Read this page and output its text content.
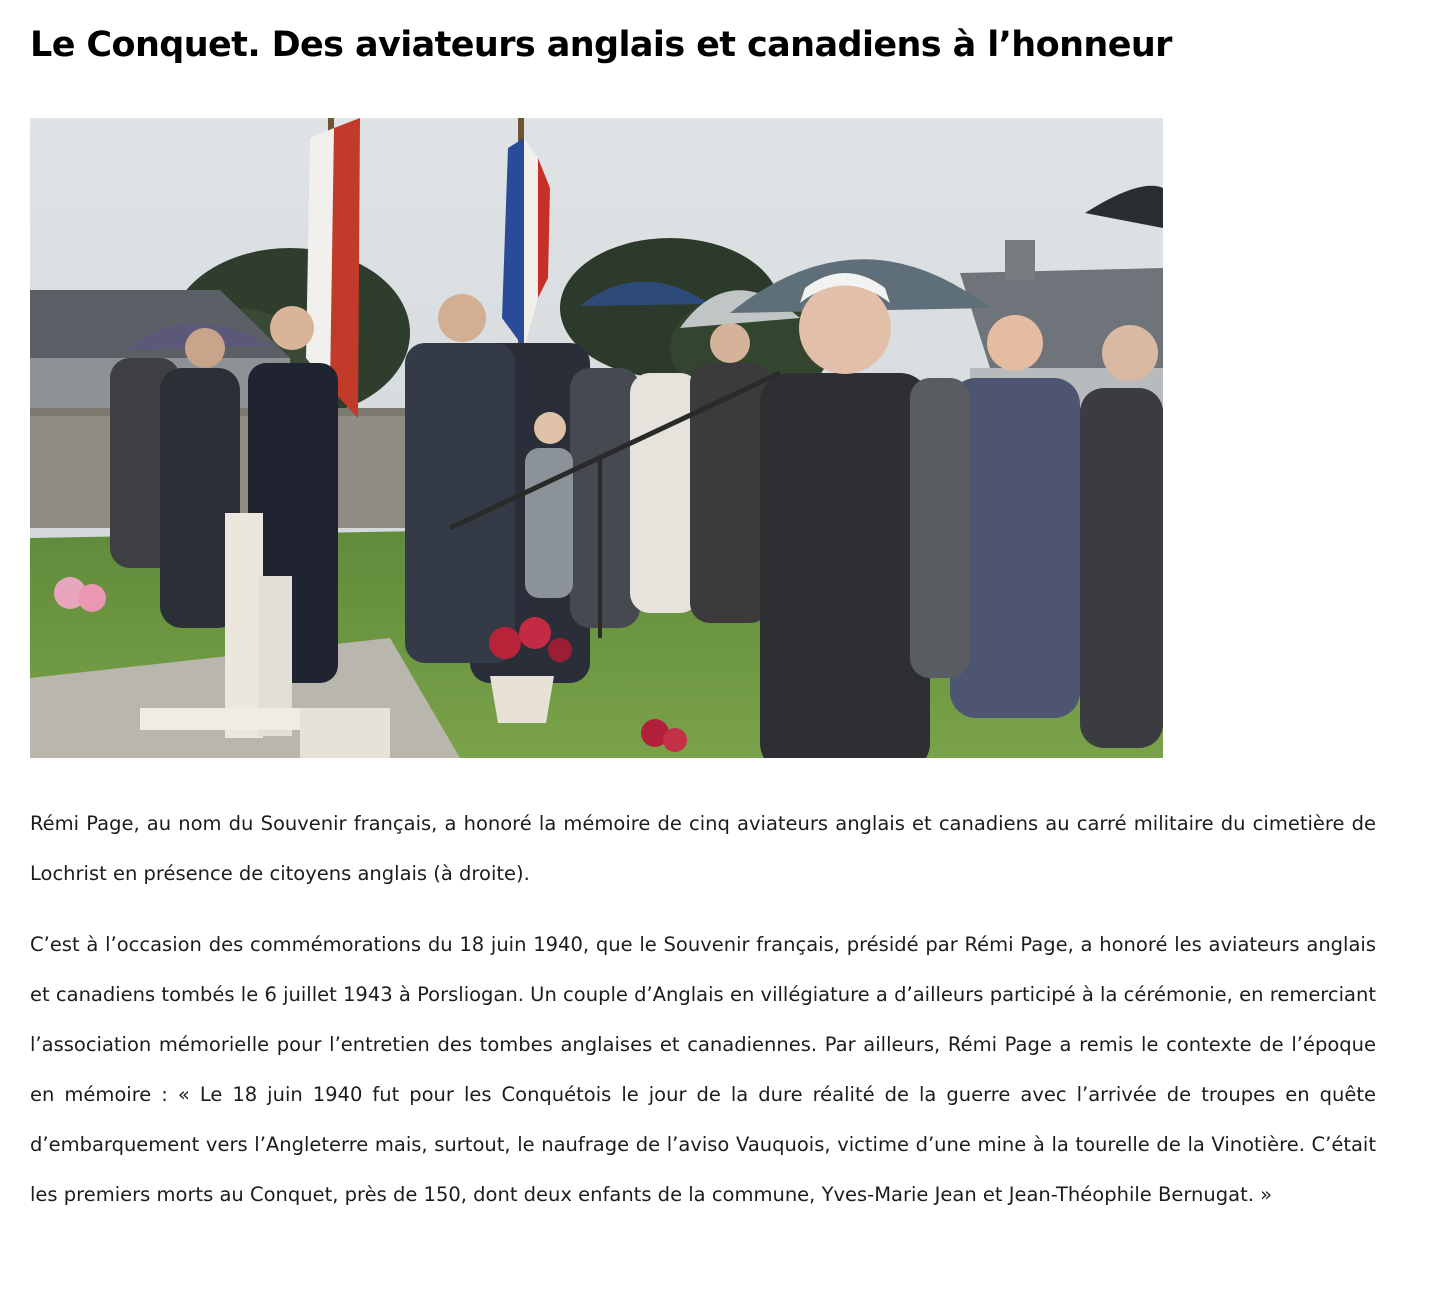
Le Conquet. Des aviateurs anglais et canadiens à l’honneur

Rémi Page, au nom du Souvenir français, a honoré la mémoire de cinq aviateurs anglais et canadiens au carré militaire du cimetière de Lochrist en présence de citoyens anglais (à droite).

C’est à l’occasion des commémorations du 18 juin 1940, que le Souvenir français, présidé par Rémi Page, a honoré les aviateurs anglais et canadiens tombés le 6 juillet 1943 à Porsliogan. Un couple d’Anglais en villégiature a d’ailleurs participé à la cérémonie, en remerciant l’association mémorielle pour l’entretien des tombes anglaises et canadiennes. Par ailleurs, Rémi Page a remis le contexte de l’époque en mémoire : « Le 18 juin 1940 fut pour les Conquétois le jour de la dure réalité de la guerre avec l’arrivée de troupes en quête d’embarquement vers l’Angleterre mais, surtout, le naufrage de l’aviso Vauquois, victime d’une mine à la tourelle de la Vinotière. C’était les premiers morts au Conquet, près de 150, dont deux enfants de la commune, Yves-Marie Jean et Jean-Théophile Bernugat. »
